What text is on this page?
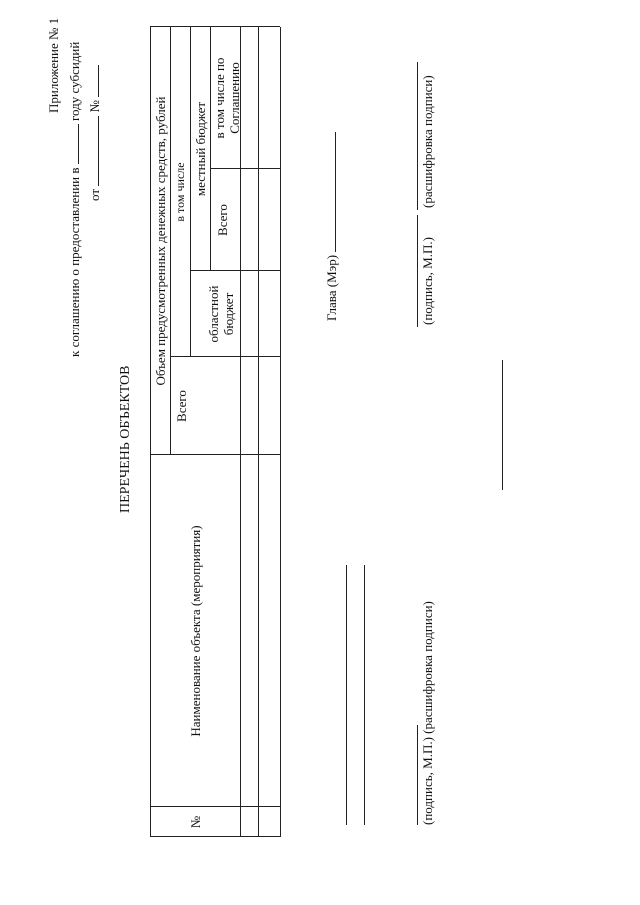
Приложение № 1
к соглашению о предоставлении в  году субсидий
от  №
ПЕРЕЧЕНЬ ОБЪЕКТОВ
№
Наименование объекта (мероприятия)
Объем предусмотренных денежных средств, рублей
Всего
в том числе
областной бюджет
местный бюджет
Всего
в том числе по Соглашению
Глава (Мэр)
(подпись, М.П.) (расшифровка подписи)
(подпись, М.П.)
(расшифровка подписи)
